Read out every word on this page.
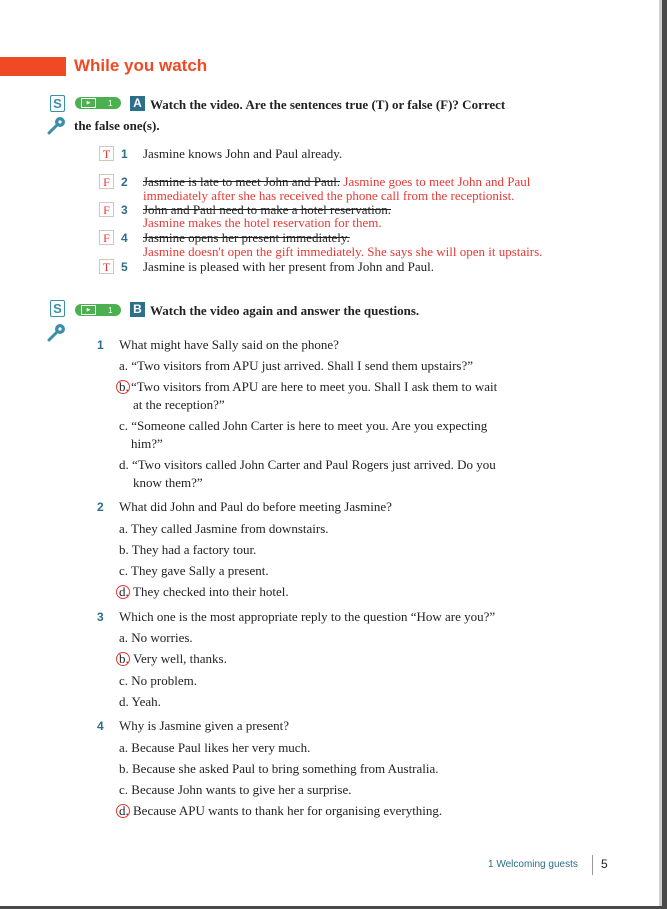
While you watch
S	▶	1 A Watch the video. Are the sentences true (T) or false (F)? Correct
the false one(s).
T 1 Jasmine knows John and Paul already.
F 2 Jasmine is late to meet John and Paul. Jasmine goes to meet John and Paul
immediately after she has received the phone call from the receptionist.
F 3 John and Paul need to make a hotel reservation.
Jasmine makes the hotel reservation for them.
F 4 Jasmine opens her present immediately.
Jasmine doesn't open the gift immediately. She says she will open it upstairs.
T 5 Jasmine is pleased with her present from John and Paul.
S	▶	1 B Watch the video again and answer the questions.
1 What might have Sally said on the phone?
a. “Two visitors from APU just arrived. Shall I send them upstairs?”
b. “Two visitors from APU are here to meet you. Shall I ask them to wait
at the reception?”
c. “Someone called John Carter is here to meet you. Are you expecting
him?”
d. “Two visitors called John Carter and Paul Rogers just arrived. Do you
know them?”
2 What did John and Paul do before meeting Jasmine?
a. They called Jasmine from downstairs.
b. They had a factory tour.
c. They gave Sally a present.
d. They checked into their hotel.
3 Which one is the most appropriate reply to the question “How are you?”
a. No worries.
b. Very well, thanks.
c. No problem.
d. Yeah.
4 Why is Jasmine given a present?
a. Because Paul likes her very much.
b. Because she asked Paul to bring something from Australia.
c. Because John wants to give her a surprise.
d. Because APU wants to thank her for organising everything.
1 Welcoming guests 5
